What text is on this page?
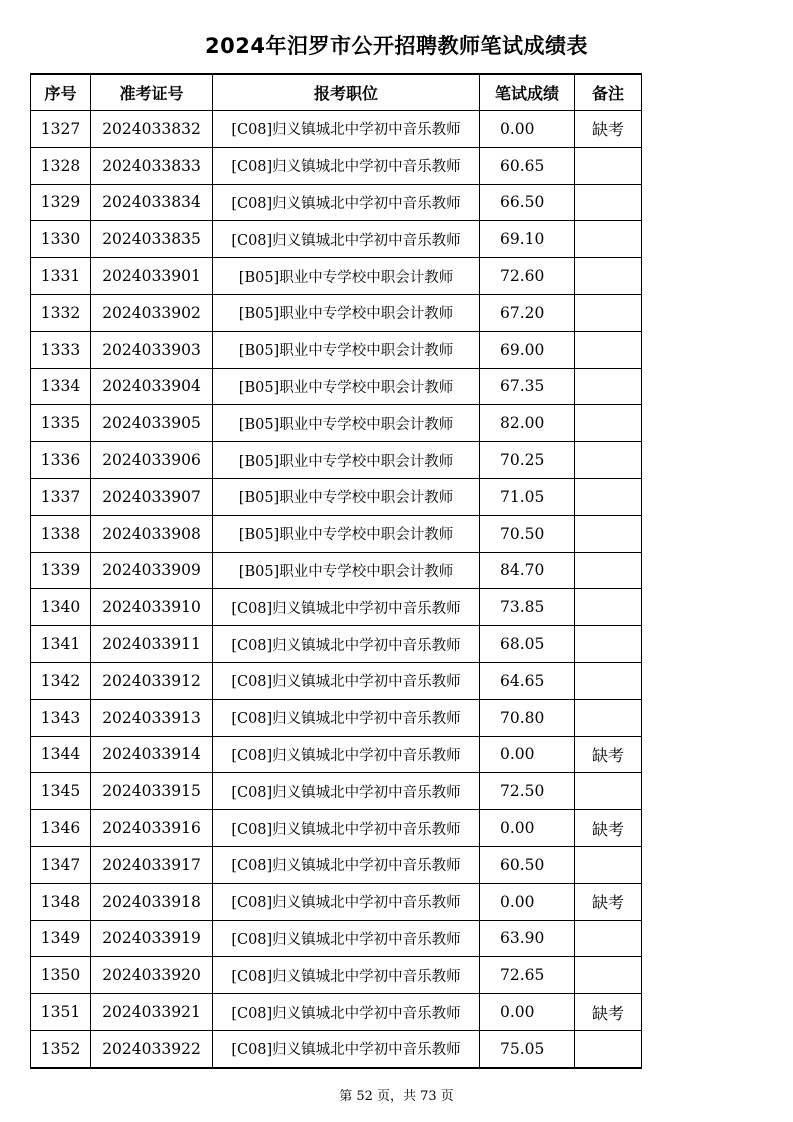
2024年汨罗市公开招聘教师笔试成绩表
序号	准考证号	报考职位	笔试成绩	备注
1327	2024033832	[C08]归义镇城北中学初中音乐教师	0.00	缺考
1328	2024033833	[C08]归义镇城北中学初中音乐教师	60.65	
1329	2024033834	[C08]归义镇城北中学初中音乐教师	66.50	
1330	2024033835	[C08]归义镇城北中学初中音乐教师	69.10	
1331	2024033901	[B05]职业中专学校中职会计教师	72.60	
1332	2024033902	[B05]职业中专学校中职会计教师	67.20	
1333	2024033903	[B05]职业中专学校中职会计教师	69.00	
1334	2024033904	[B05]职业中专学校中职会计教师	67.35	
1335	2024033905	[B05]职业中专学校中职会计教师	82.00	
1336	2024033906	[B05]职业中专学校中职会计教师	70.25	
1337	2024033907	[B05]职业中专学校中职会计教师	71.05	
1338	2024033908	[B05]职业中专学校中职会计教师	70.50	
1339	2024033909	[B05]职业中专学校中职会计教师	84.70	
1340	2024033910	[C08]归义镇城北中学初中音乐教师	73.85	
1341	2024033911	[C08]归义镇城北中学初中音乐教师	68.05	
1342	2024033912	[C08]归义镇城北中学初中音乐教师	64.65	
1343	2024033913	[C08]归义镇城北中学初中音乐教师	70.80	
1344	2024033914	[C08]归义镇城北中学初中音乐教师	0.00	缺考
1345	2024033915	[C08]归义镇城北中学初中音乐教师	72.50	
1346	2024033916	[C08]归义镇城北中学初中音乐教师	0.00	缺考
1347	2024033917	[C08]归义镇城北中学初中音乐教师	60.50	
1348	2024033918	[C08]归义镇城北中学初中音乐教师	0.00	缺考
1349	2024033919	[C08]归义镇城北中学初中音乐教师	63.90	
1350	2024033920	[C08]归义镇城北中学初中音乐教师	72.65	
1351	2024033921	[C08]归义镇城北中学初中音乐教师	0.00	缺考
1352	2024033922	[C08]归义镇城北中学初中音乐教师	75.05	
第 52 页，共 73 页
